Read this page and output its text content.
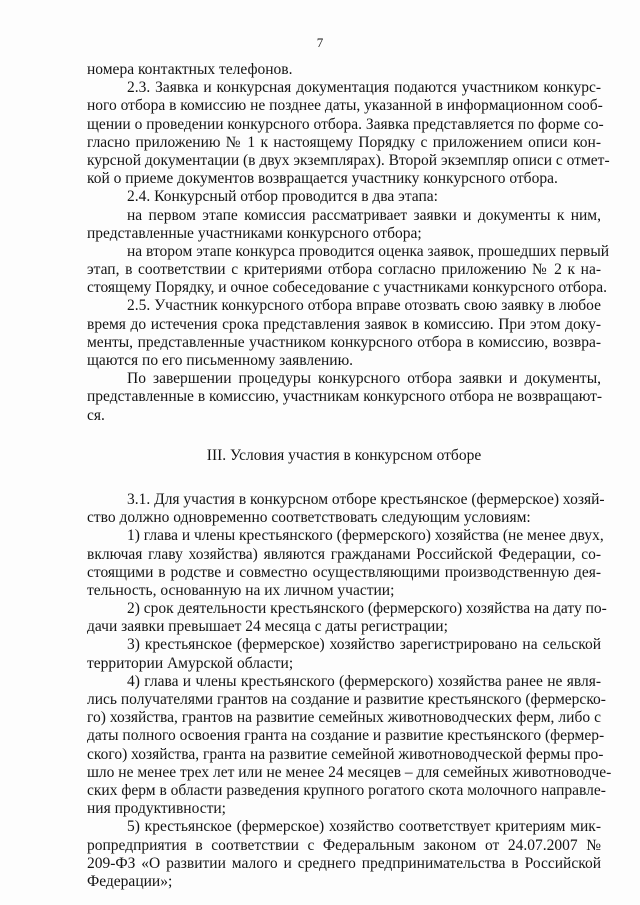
7
номера контактных телефонов.
2.3. Заявка и конкурсная документация подаются участником конкурс-
ного отбора в комиссию не позднее даты, указанной в информационном сооб-
щении о проведении конкурсного отбора. Заявка представляется по форме со-
гласно приложению № 1 к настоящему Порядку с приложением описи кон-
курсной документации (в двух экземплярах). Второй экземпляр описи с отмет-
кой о приеме документов возвращается участнику конкурсного отбора.
2.4. Конкурсный отбор проводится в два этапа:
на первом этапе комиссия рассматривает заявки и документы к ним,
представленные участниками конкурсного отбора;
на втором этапе конкурса проводится оценка заявок, прошедших первый
этап, в соответствии с критериями отбора согласно приложению № 2 к на-
стоящему Порядку, и очное собеседование с участниками конкурсного отбора.
2.5. Участник конкурсного отбора вправе отозвать свою заявку в любое
время до истечения срока представления заявок в комиссию. При этом доку-
менты, представленные участником конкурсного отбора в комиссию, возвра-
щаются по его письменному заявлению.
По завершении процедуры конкурсного отбора заявки и документы,
представленные в комиссию, участникам конкурсного отбора не возвращают-
ся.
III. Условия участия в конкурсном отборе
3.1. Для участия в конкурсном отборе крестьянское (фермерское) хозяй-
ство должно одновременно соответствовать следующим условиям:
1) глава и члены крестьянского (фермерского) хозяйства (не менее двух,
включая главу хозяйства) являются гражданами Российской Федерации, со-
стоящими в родстве и совместно осуществляющими производственную дея-
тельность, основанную на их личном участии;
2) срок деятельности крестьянского (фермерского) хозяйства на дату по-
дачи заявки превышает 24 месяца с даты регистрации;
3) крестьянское (фермерское) хозяйство зарегистрировано на сельской
территории Амурской области;
4) глава и члены крестьянского (фермерского) хозяйства ранее не явля-
лись получателями грантов на создание и развитие крестьянского (фермерско-
го) хозяйства, грантов на развитие семейных животноводческих ферм, либо с
даты полного освоения гранта на создание и развитие крестьянского (фермер-
ского) хозяйства, гранта на развитие семейной животноводческой фермы про-
шло не менее трех лет или не менее 24 месяцев – для семейных животноводче-
ских ферм в области разведения крупного рогатого скота молочного направле-
ния продуктивности;
5) крестьянское (фермерское) хозяйство соответствует критериям мик-
ропредприятия в соответствии с Федеральным законом от 24.07.2007 №
209-ФЗ «О развитии малого и среднего предпринимательства в Российской
Федерации»;
